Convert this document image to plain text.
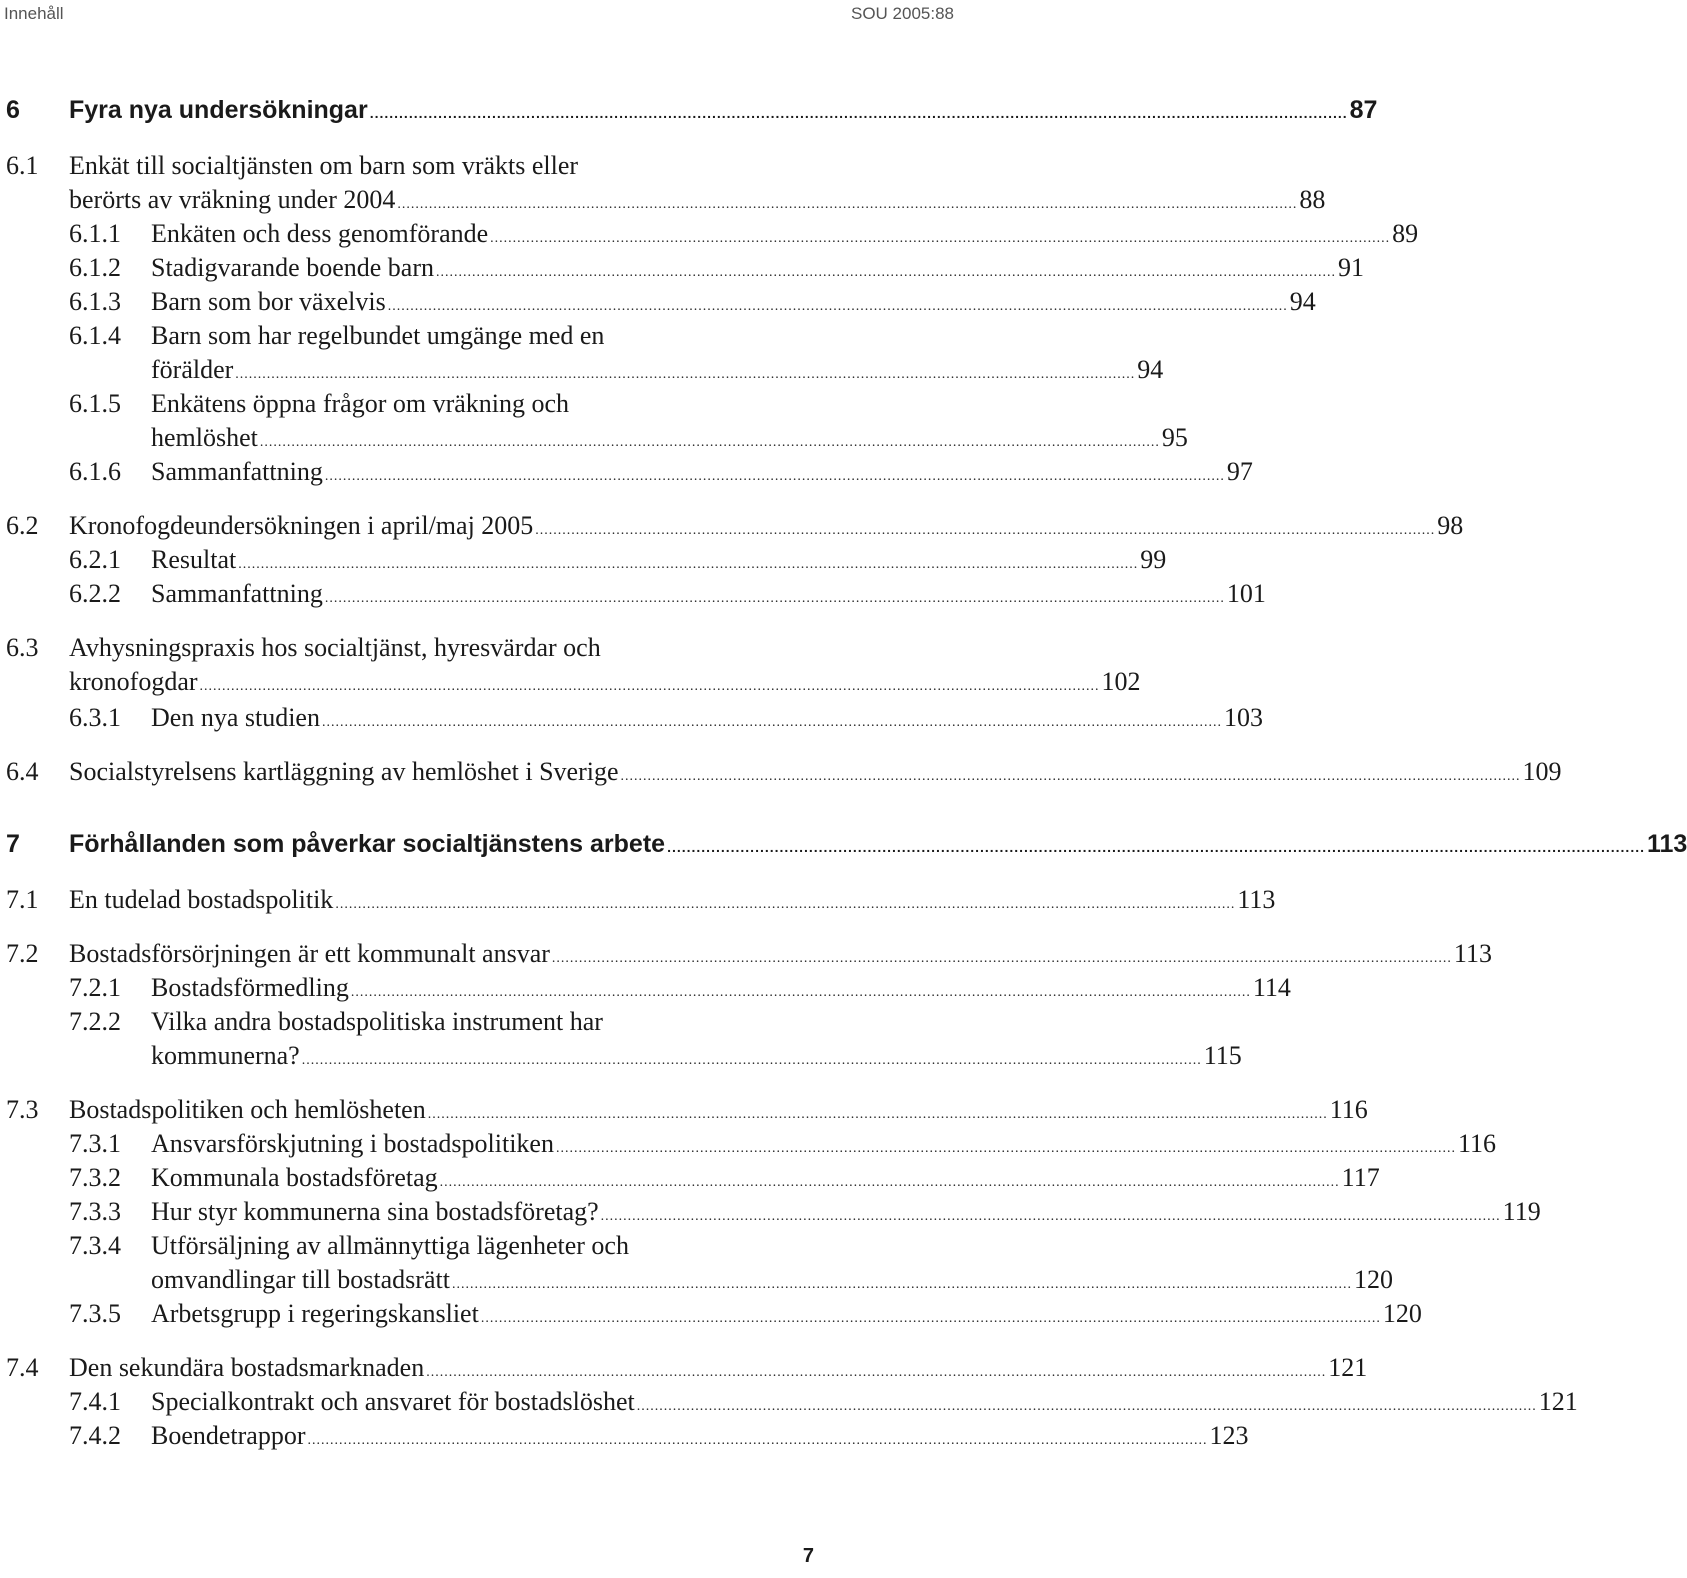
Innehåll	SOU 2005:88
6 Fyra nya undersökningar ........................................................................................................................................................................................................ 87
6.1 Enkät till socialtjänsten om barn som vräkts eller
berörts av vräkning under 2004 ........................................................................................................................................................................................................ 88
6.1.1 Enkäten och dess genomförande ........................................................................................................................................................................................................ 89
6.1.2 Stadigvarande boende barn ........................................................................................................................................................................................................ 91
6.1.3 Barn som bor växelvis ........................................................................................................................................................................................................ 94
6.1.4 Barn som har regelbundet umgänge med en
förälder ........................................................................................................................................................................................................ 94
6.1.5 Enkätens öppna frågor om vräkning och
hemlöshet ........................................................................................................................................................................................................ 95
6.1.6 Sammanfattning ........................................................................................................................................................................................................ 97
6.2 Kronofogdeundersökningen i april/maj 2005 ........................................................................................................................................................................................................ 98
6.2.1 Resultat ........................................................................................................................................................................................................ 99
6.2.2 Sammanfattning ........................................................................................................................................................................................................ 101
6.3 Avhysningspraxis hos socialtjänst, hyresvärdar och
kronofogdar ........................................................................................................................................................................................................ 102
6.3.1 Den nya studien ........................................................................................................................................................................................................ 103
6.4 Socialstyrelsens kartläggning av hemlöshet i Sverige ........................................................................................................................................................................................................ 109
7 Förhållanden som påverkar socialtjänstens arbete ........................................................................................................................................................................................................ 113
7.1 En tudelad bostadspolitik ........................................................................................................................................................................................................ 113
7.2 Bostadsförsörjningen är ett kommunalt ansvar ........................................................................................................................................................................................................ 113
7.2.1 Bostadsförmedling ........................................................................................................................................................................................................ 114
7.2.2 Vilka andra bostadspolitiska instrument har
kommunerna? ........................................................................................................................................................................................................ 115
7.3 Bostadspolitiken och hemlösheten ........................................................................................................................................................................................................ 116
7.3.1 Ansvarsförskjutning i bostadspolitiken ........................................................................................................................................................................................................ 116
7.3.2 Kommunala bostadsföretag ........................................................................................................................................................................................................ 117
7.3.3 Hur styr kommunerna sina bostadsföretag? ........................................................................................................................................................................................................ 119
7.3.4 Utförsäljning av allmännyttiga lägenheter och
omvandlingar till bostadsrätt ........................................................................................................................................................................................................ 120
7.3.5 Arbetsgrupp i regeringskansliet ........................................................................................................................................................................................................ 120
7.4 Den sekundära bostadsmarknaden ........................................................................................................................................................................................................ 121
7.4.1 Specialkontrakt och ansvaret för bostadslöshet ........................................................................................................................................................................................................ 121
7.4.2 Boendetrappor ........................................................................................................................................................................................................ 123
7
